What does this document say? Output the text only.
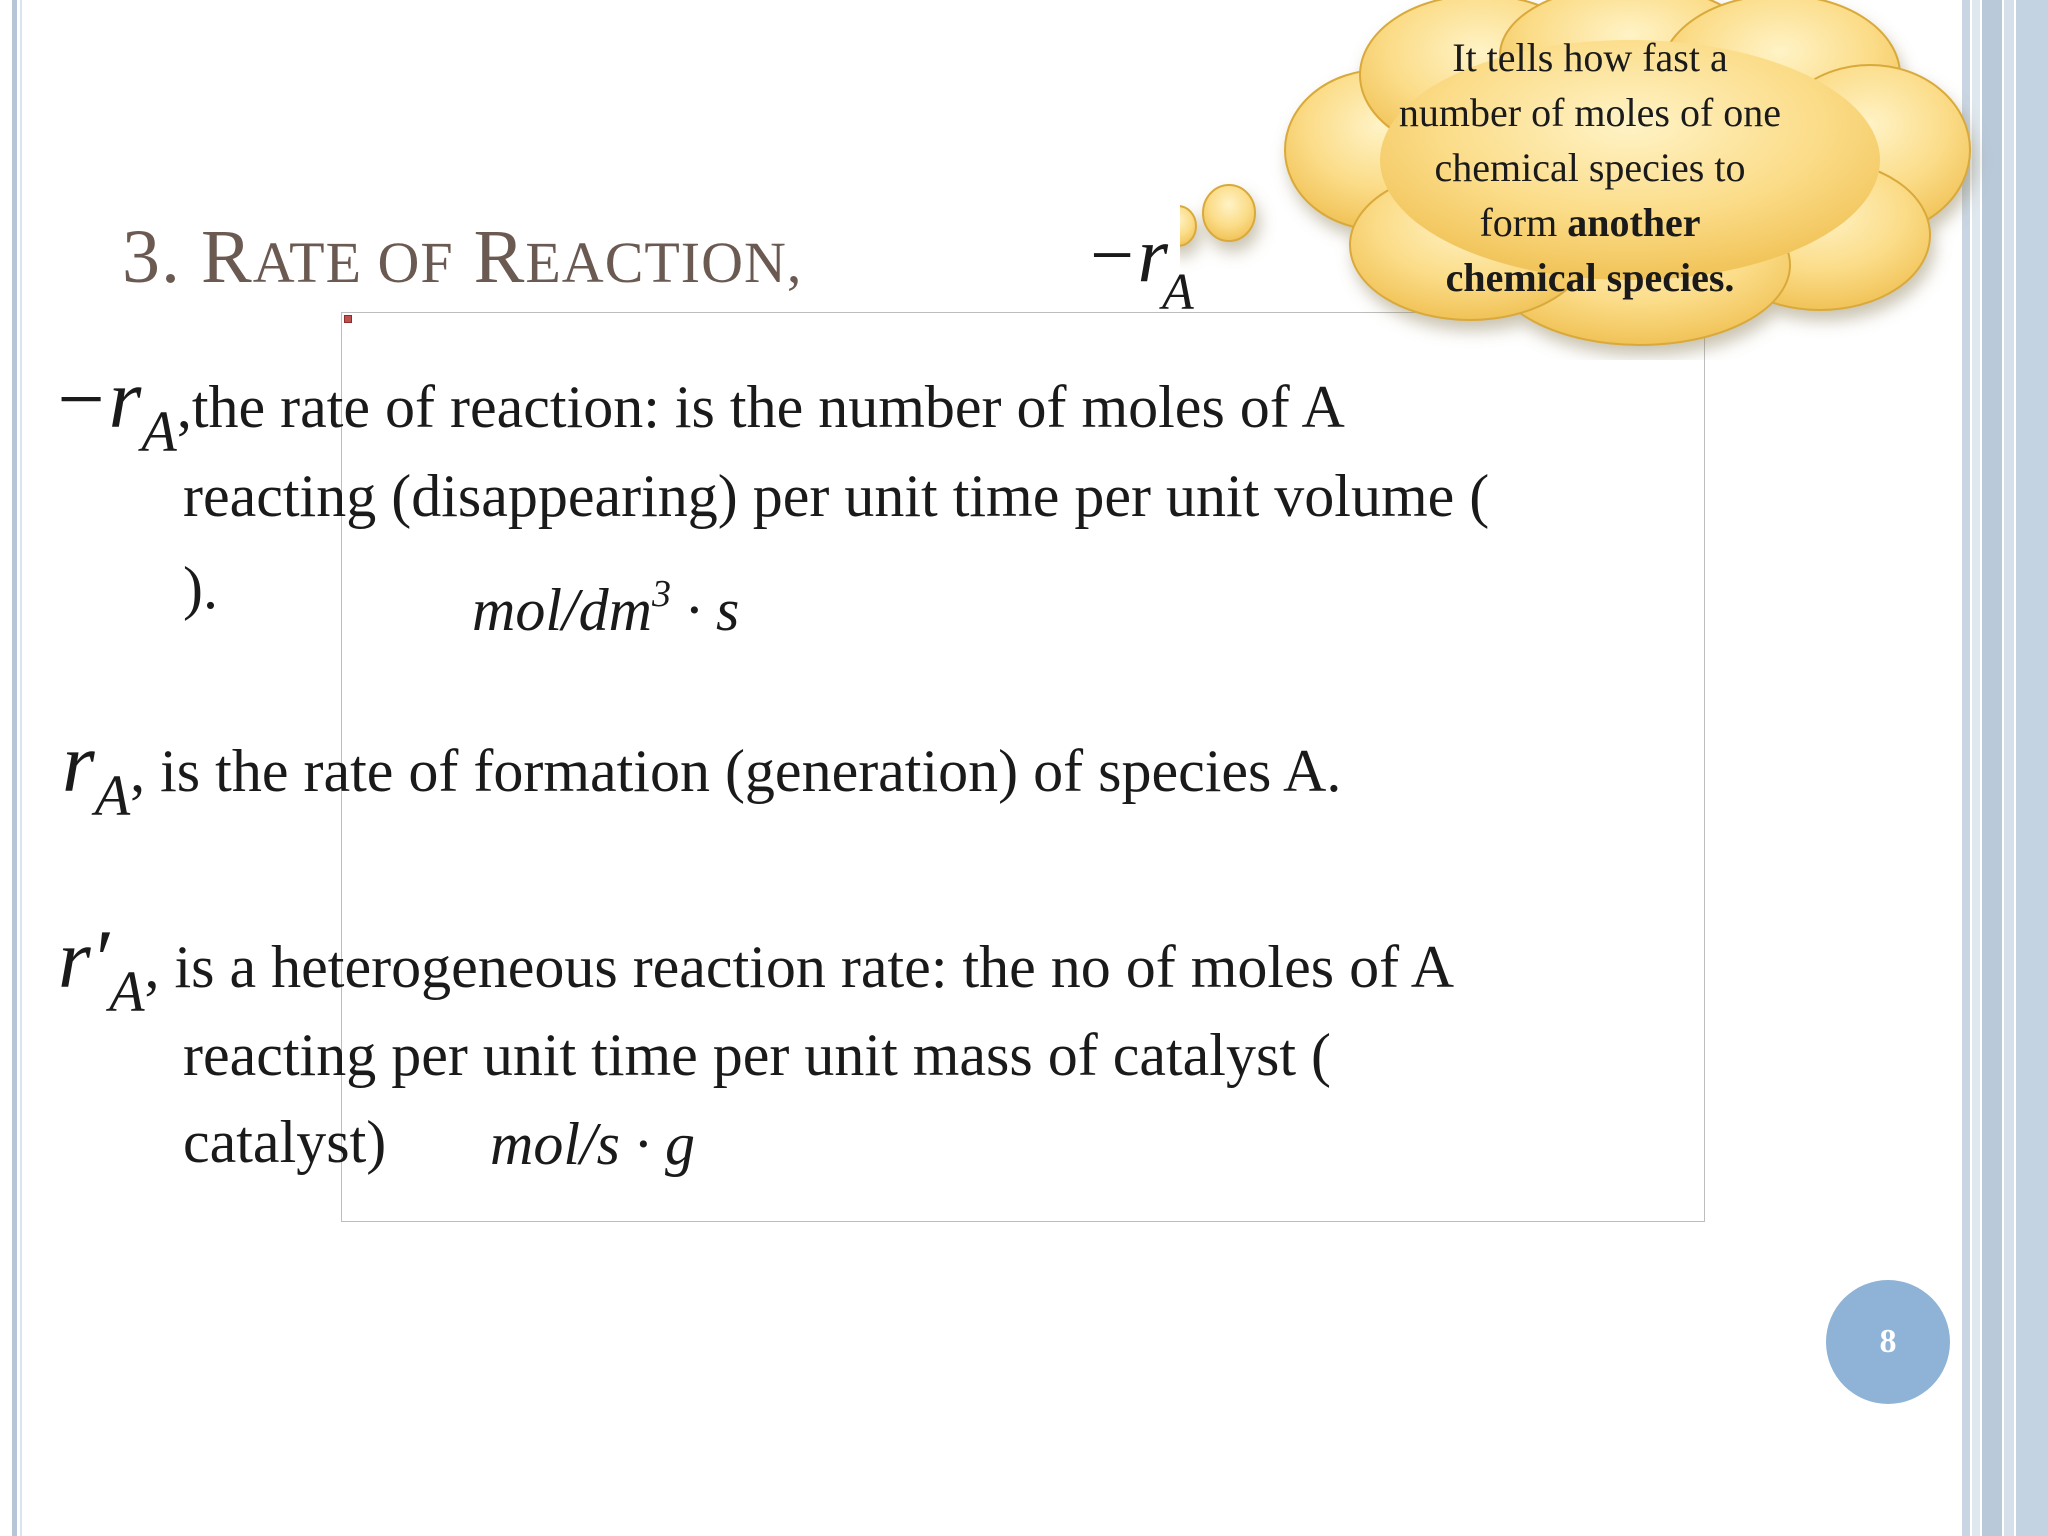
3. RATE OF REACTION,	$-r_A$
$-r_A,the$ rate of reaction: is the number of moles of A
reacting (disappearing) per unit time per unit volume (
).	mol/$dm^3 \cdot s$
$r_A$, is the rate of formation (generation) of species A.
$r'_A$, is a heterogeneous reaction rate: the no of moles of A
reacting per unit time per unit mass of catalyst (
catalyst) mol/s · g
It tells how fast a
number of moles of one
chemical species to
form another
chemical species.
8
